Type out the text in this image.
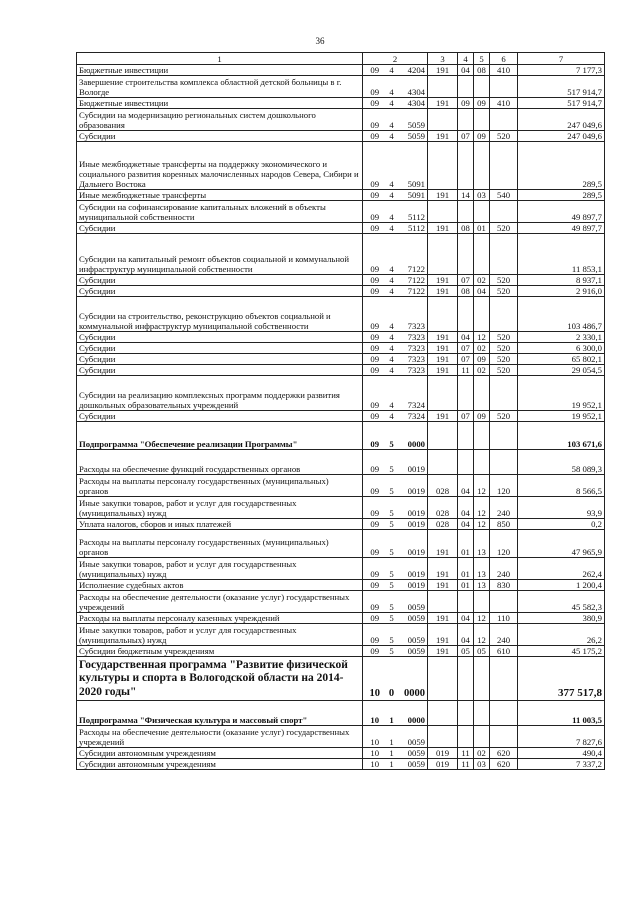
36
1	2			3	4	5	6	7
Бюджетные инвестиции	09	4	4204	191	04	08	410	7 177,3
Завершение строительства комплекса областной детской больницы в г. Вологде	09	4	4304					517 914,7
Бюджетные инвестиции	09	4	4304	191	09	09	410	517 914,7
Субсидии на модернизацию региональных систем дошкольного образования	09	4	5059					247 049,6
Субсидии	09	4	5059	191	07	09	520	247 049,6
Иные межбюджетные трансферты на поддержку экономического и социального развития коренных малочисленных народов Севера, Сибири и Дальнего Востока	09	4	5091					289,5
Иные межбюджетные трансферты	09	4	5091	191	14	03	540	289,5
Субсидии на софинансирование капитальных вложений в объекты муниципальной собственности	09	4	5112					49 897,7
Субсидии	09	4	5112	191	08	01	520	49 897,7
Субсидии на капитальный ремонт объектов социальной и коммунальной инфраструктур муниципальной собственности	09	4	7122					11 853,1
Субсидии	09	4	7122	191	07	02	520	8 937,1
Субсидии	09	4	7122	191	08	04	520	2 916,0
Субсидии на строительство, реконструкцию объектов социальной и коммунальной инфраструктур муниципальной собственности	09	4	7323					103 486,7
Субсидии	09	4	7323	191	04	12	520	2 330,1
Субсидии	09	4	7323	191	07	02	520	6 300,0
Субсидии	09	4	7323	191	07	09	520	65 802,1
Субсидии	09	4	7323	191	11	02	520	29 054,5
Субсидии на реализацию комплексных программ поддержки развития дошкольных образовательных учреждений	09	4	7324					19 952,1
Субсидии	09	4	7324	191	07	09	520	19 952,1
Подпрограмма "Обеспечение реализации Программы"	09	5	0000					103 671,6
Расходы на обеспечение функций государственных органов	09	5	0019					58 089,3
Расходы на выплаты персоналу государственных (муниципальных) органов	09	5	0019	028	04	12	120	8 566,5
Иные закупки товаров, работ и услуг для государственных (муниципальных) нужд	09	5	0019	028	04	12	240	93,9
Уплата налогов, сборов и иных платежей	09	5	0019	028	04	12	850	0,2
Расходы на выплаты персоналу государственных (муниципальных) органов	09	5	0019	191	01	13	120	47 965,9
Иные закупки товаров, работ и услуг для государственных (муниципальных) нужд	09	5	0019	191	01	13	240	262,4
Исполнение судебных актов	09	5	0019	191	01	13	830	1 200,4
Расходы на обеспечение деятельности (оказание услуг) государственных учреждений	09	5	0059					45 582,3
Расходы на выплаты персоналу казенных учреждений	09	5	0059	191	04	12	110	380,9
Иные закупки товаров, работ и услуг для государственных (муниципальных) нужд	09	5	0059	191	04	12	240	26,2
Субсидии бюджетным учреждениям	09	5	0059	191	05	05	610	45 175,2
Государственная программа "Развитие физической культуры и спорта в Вологодской области на 2014-2020 годы"	10	0	0000					377 517,8
Подпрограмма "Физическая культура и массовый спорт"	10	1	0000					11 003,5
Расходы на обеспечение деятельности (оказание услуг) государственных учреждений	10	1	0059					7 827,6
Субсидии автономным учреждениям	10	1	0059	019	11	02	620	490,4
Субсидии автономным учреждениям	10	1	0059	019	11	03	620	7 337,2
